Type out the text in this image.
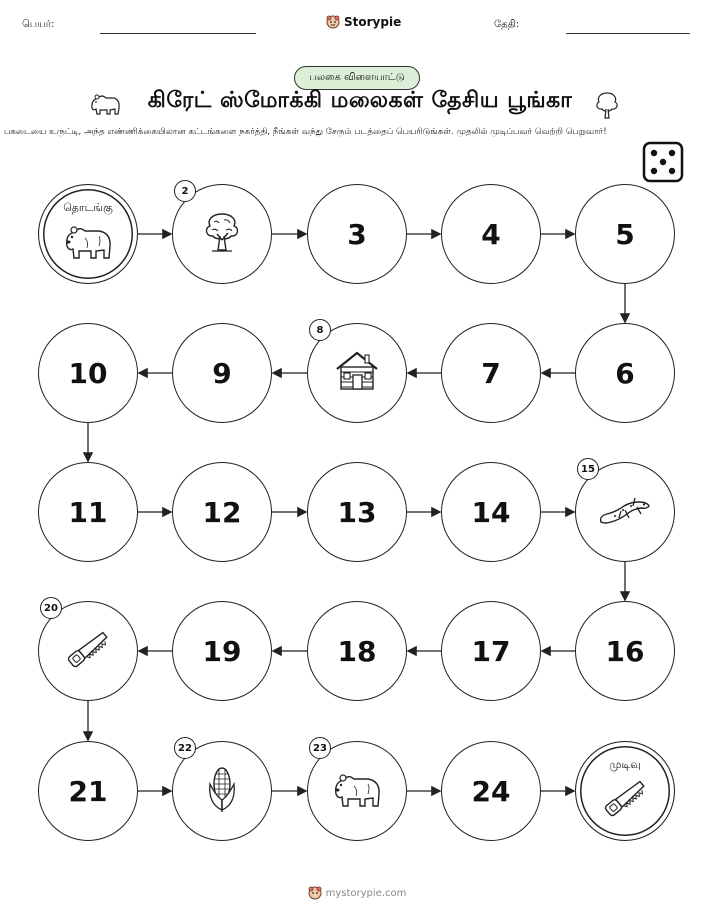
பெயர்:	Storypie	தேதி:
பலகை விளையாட்டு
கிரேட் ஸ்மோக்கி மலைகள் தேசிய பூங்கா
பகடையை உருட்டி, அந்த எண்ணிக்கையிலான கட்டங்களை நகர்த்தி, நீங்கள் வந்து சேரும் படத்தைப் பெயரிடுங்கள். முதலில் முடிப்பவர் வெற்றி பெறுவார்!
தொடங்கு
2
3	4	5
6
7
8
9
10
11	12	13	14
15
16
17
18
19
20
21
22	23
24
முடிவு
mystorypie.com
